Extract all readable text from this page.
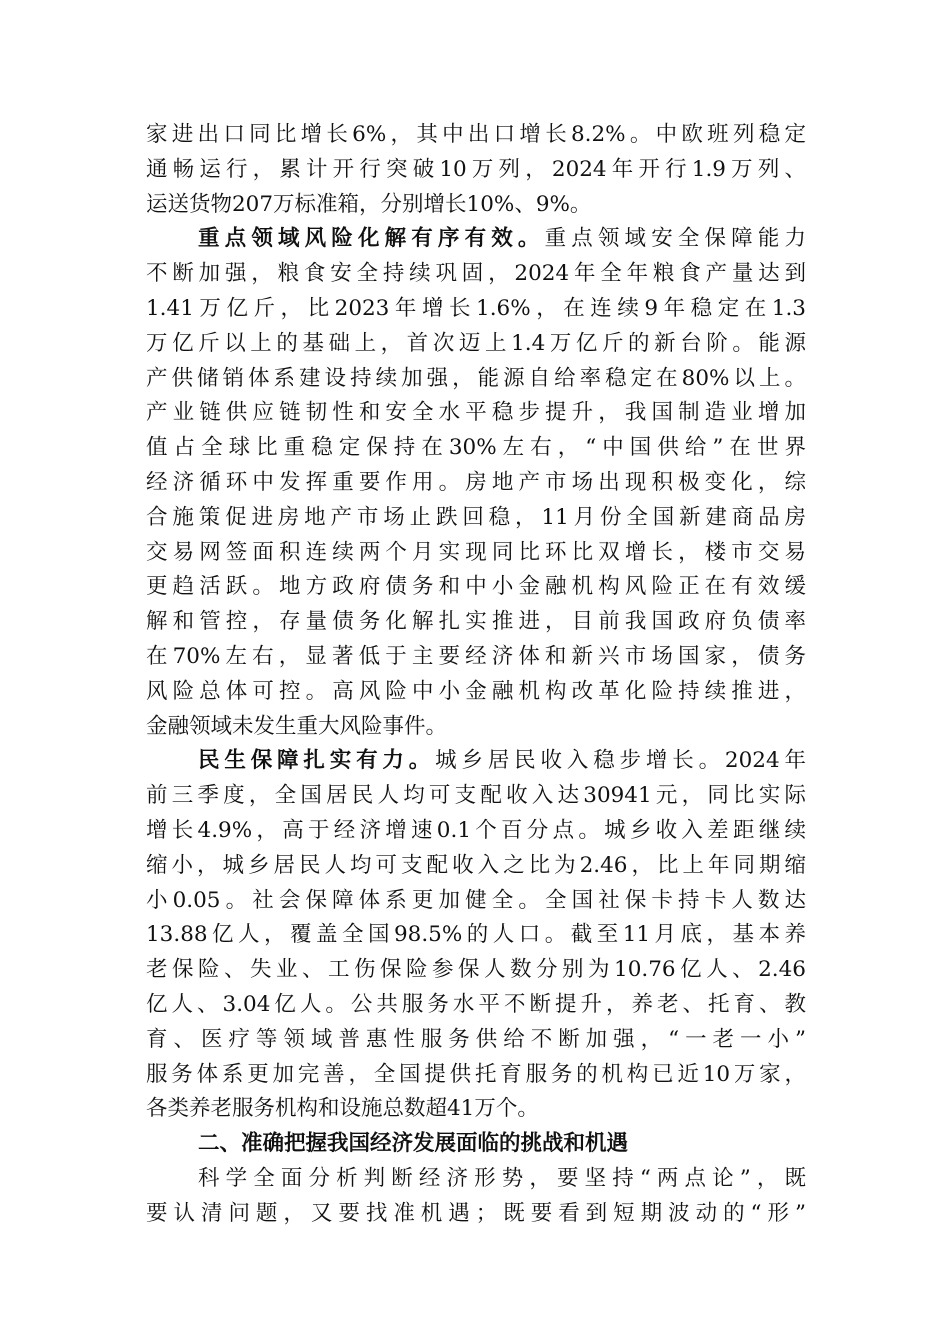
家进出口同比增长6%，其中出口增长8.2%。中欧班列稳定
通畅运行，累计开行突破10万列，2024年开行1.9万列、
运送货物207万标准箱，分别增长10%、9%。
重点领域风险化解有序有效。重点领域安全保障能力
不断加强，粮食安全持续巩固，2024年全年粮食产量达到
1.41万亿斤，比2023年增长1.6%，在连续9年稳定在1.3
万亿斤以上的基础上，首次迈上1.4万亿斤的新台阶。能源
产供储销体系建设持续加强，能源自给率稳定在80%以上。
产业链供应链韧性和安全水平稳步提升，我国制造业增加
值占全球比重稳定保持在30%左右，“中国供给”在世界
经济循环中发挥重要作用。房地产市场出现积极变化，综
合施策促进房地产市场止跌回稳，11月份全国新建商品房
交易网签面积连续两个月实现同比环比双增长，楼市交易
更趋活跃。地方政府债务和中小金融机构风险正在有效缓
解和管控，存量债务化解扎实推进，目前我国政府负债率
在70%左右，显著低于主要经济体和新兴市场国家，债务
风险总体可控。高风险中小金融机构改革化险持续推进，
金融领域未发生重大风险事件。
民生保障扎实有力。城乡居民收入稳步增长。2024年
前三季度，全国居民人均可支配收入达30941元，同比实际
增长4.9%，高于经济增速0.1个百分点。城乡收入差距继续
缩小，城乡居民人均可支配收入之比为2.46，比上年同期缩
小0.05。社会保障体系更加健全。全国社保卡持卡人数达
13.88亿人，覆盖全国98.5%的人口。截至11月底，基本养
老保险、失业、工伤保险参保人数分别为10.76亿人、2.46
亿人、3.04亿人。公共服务水平不断提升，养老、托育、教
育、医疗等领域普惠性服务供给不断加强，“一老一小”
服务体系更加完善，全国提供托育服务的机构已近10万家，
各类养老服务机构和设施总数超41万个。
二、准确把握我国经济发展面临的挑战和机遇
科学全面分析判断经济形势，要坚持“两点论”，既
要认清问题，又要找准机遇；既要看到短期波动的“形”
